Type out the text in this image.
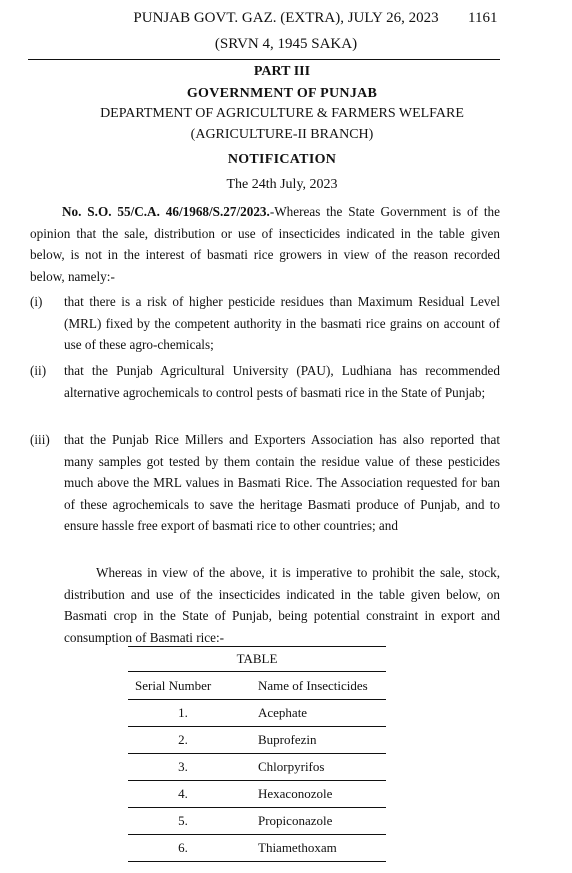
PUNJAB GOVT. GAZ. (EXTRA), JULY 26, 2023	1161
(SRVN 4, 1945 SAKA)
PART III
GOVERNMENT OF PUNJAB
DEPARTMENT OF AGRICULTURE & FARMERS WELFARE
(AGRICULTURE-II BRANCH)
NOTIFICATION
The 24th July, 2023
No. S.O. 55/C.A. 46/1968/S.27/2023.-Whereas the State Government is of the opinion that the sale, distribution or use of insecticides indicated in the table given below, is not in the interest of basmati rice growers in view of the reason recorded below, namely:-
(i) that there is a risk of higher pesticide residues than Maximum Residual Level (MRL) fixed by the competent authority in the basmati rice grains on account of use of these agro-chemicals;
(ii) that the Punjab Agricultural University (PAU), Ludhiana has recommended alternative agrochemicals to control pests of basmati rice in the State of Punjab;
(iii) that the Punjab Rice Millers and Exporters Association has also reported that many samples got tested by them contain the residue value of these pesticides much above the MRL values in Basmati Rice. The Association requested for ban of these agrochemicals to save the heritage Basmati produce of Punjab, and to ensure hassle free export of basmati rice to other countries; and
Whereas in view of the above, it is imperative to prohibit the sale, stock, distribution and use of the insecticides indicated in the table given below, on Basmati crop in the State of Punjab, being potential constraint in export and consumption of Basmati rice:-
TABLE	
Serial Number	Name of Insecticides
1.	Acephate
2.	Buprofezin
3.	Chlorpyrifos
4.	Hexaconozole
5.	Propiconazole
6.	Thiamethoxam
